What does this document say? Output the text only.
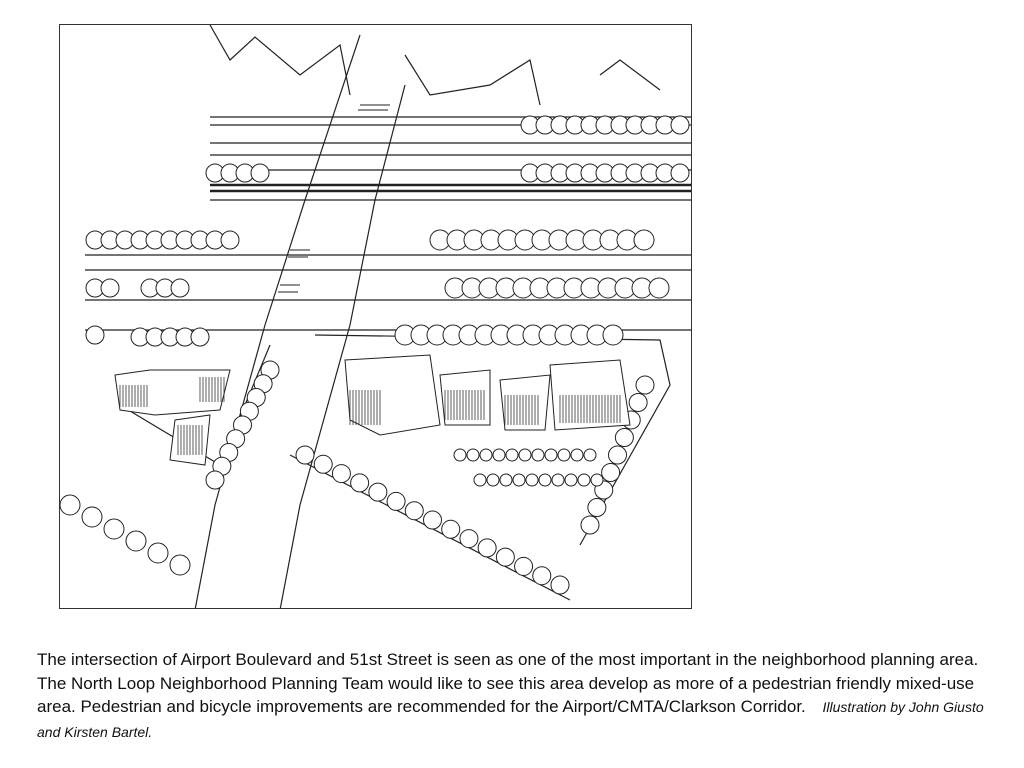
The intersection of Airport Boulevard and 51st Street is seen as one of the most important in the neighborhood planning area. The North Loop Neighborhood Planning Team would like to see this area develop as more of a pedestrian friendly mixed-use area. Pedestrian and bicycle improvements are recommended for the Airport/CMTA/Clarkson Corridor. Illustration by John Giusto and Kirsten Bartel.
